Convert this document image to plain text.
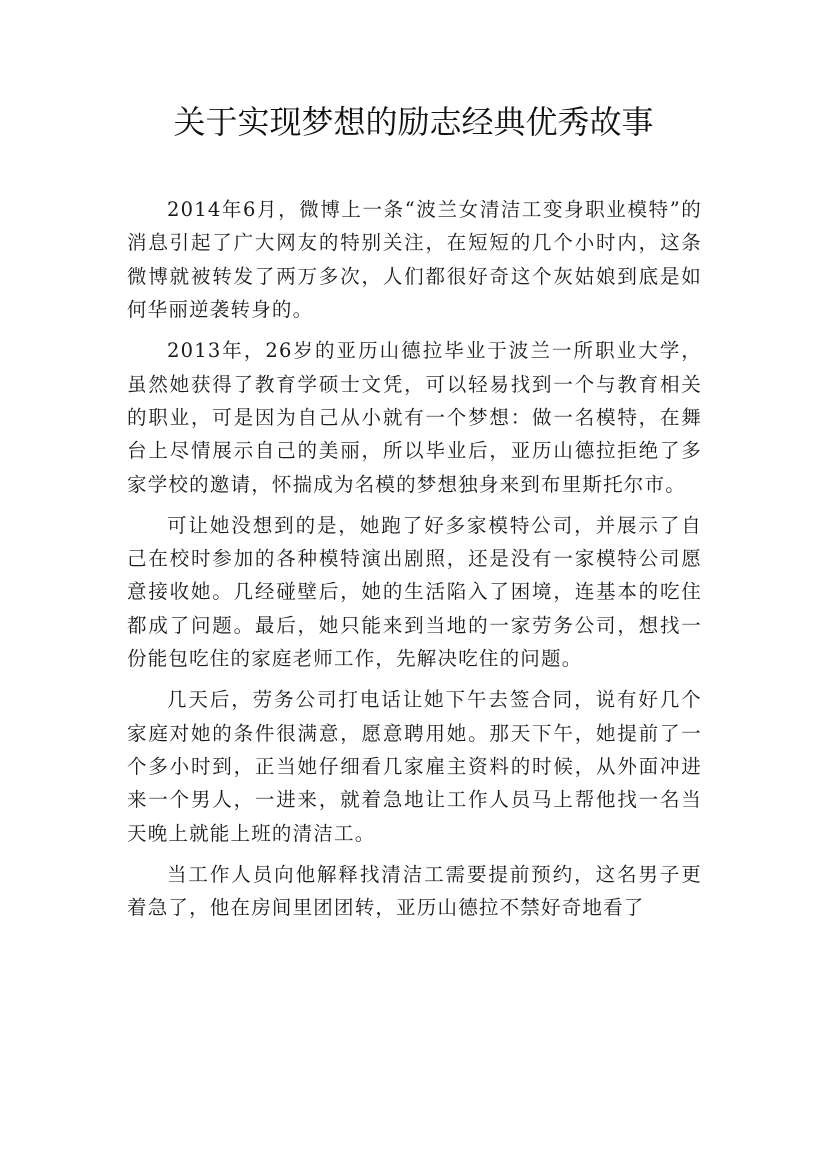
关于实现梦想的励志经典优秀故事

2014年6月，微博上一条“波兰女清洁工变身职业模特”的消息引起了广大网友的特别关注，在短短的几个小时内，这条微博就被转发了两万多次，人们都很好奇这个灰姑娘到底是如何华丽逆袭转身的。

2013年，26岁的亚历山德拉毕业于波兰一所职业大学，虽然她获得了教育学硕士文凭，可以轻易找到一个与教育相关的职业，可是因为自己从小就有一个梦想：做一名模特，在舞台上尽情展示自己的美丽，所以毕业后，亚历山德拉拒绝了多家学校的邀请，怀揣成为名模的梦想独身来到布里斯托尔市。

可让她没想到的是，她跑了好多家模特公司，并展示了自己在校时参加的各种模特演出剧照，还是没有一家模特公司愿意接收她。几经碰壁后，她的生活陷入了困境，连基本的吃住都成了问题。最后，她只能来到当地的一家劳务公司，想找一份能包吃住的家庭老师工作，先解决吃住的问题。

几天后，劳务公司打电话让她下午去签合同，说有好几个家庭对她的条件很满意，愿意聘用她。那天下午，她提前了一个多小时到，正当她仔细看几家雇主资料的时候，从外面冲进来一个男人，一进来，就着急地让工作人员马上帮他找一名当天晚上就能上班的清洁工。

当工作人员向他解释找清洁工需要提前预约，这名男子更着急了，他在房间里团团转，亚历山德拉不禁好奇地看了
